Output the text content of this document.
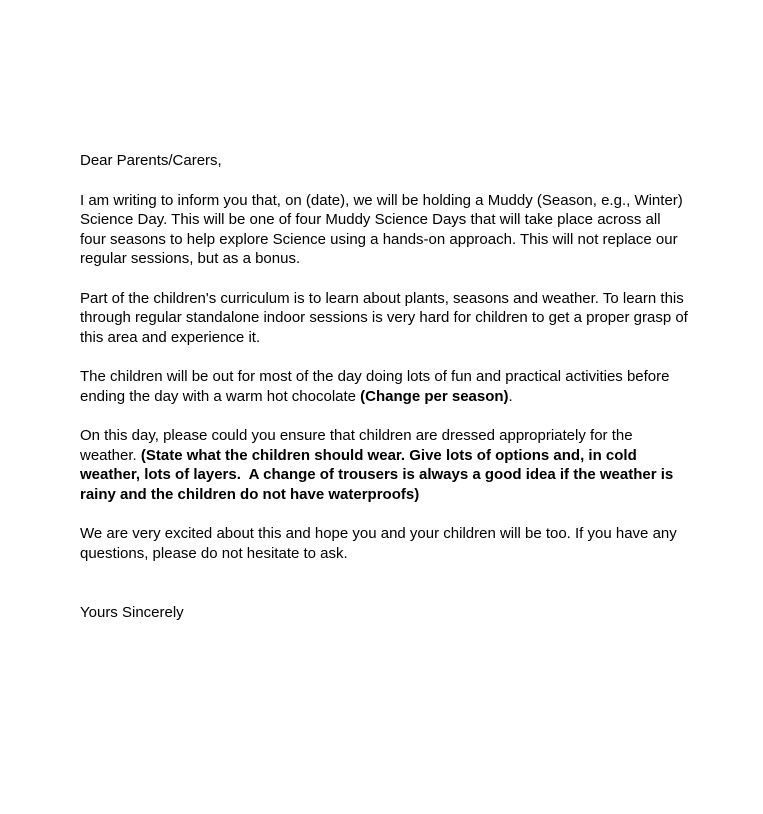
Dear Parents/Carers,

I am writing to inform you that, on (date), we will be holding a Muddy (Season, e.g., Winter) Science Day. This will be one of four Muddy Science Days that will take place across all four seasons to help explore Science using a hands-on approach. This will not replace our regular sessions, but as a bonus.

Part of the children's curriculum is to learn about plants, seasons and weather. To learn this through regular standalone indoor sessions is very hard for children to get a proper grasp of this area and experience it.

The children will be out for most of the day doing lots of fun and practical activities before ending the day with a warm hot chocolate (Change per season).

On this day, please could you ensure that children are dressed appropriately for the weather. (State what the children should wear. Give lots of options and, in cold weather, lots of layers.  A change of trousers is always a good idea if the weather is rainy and the children do not have waterproofs)

We are very excited about this and hope you and your children will be too. If you have any questions, please do not hesitate to ask.

Yours Sincerely
